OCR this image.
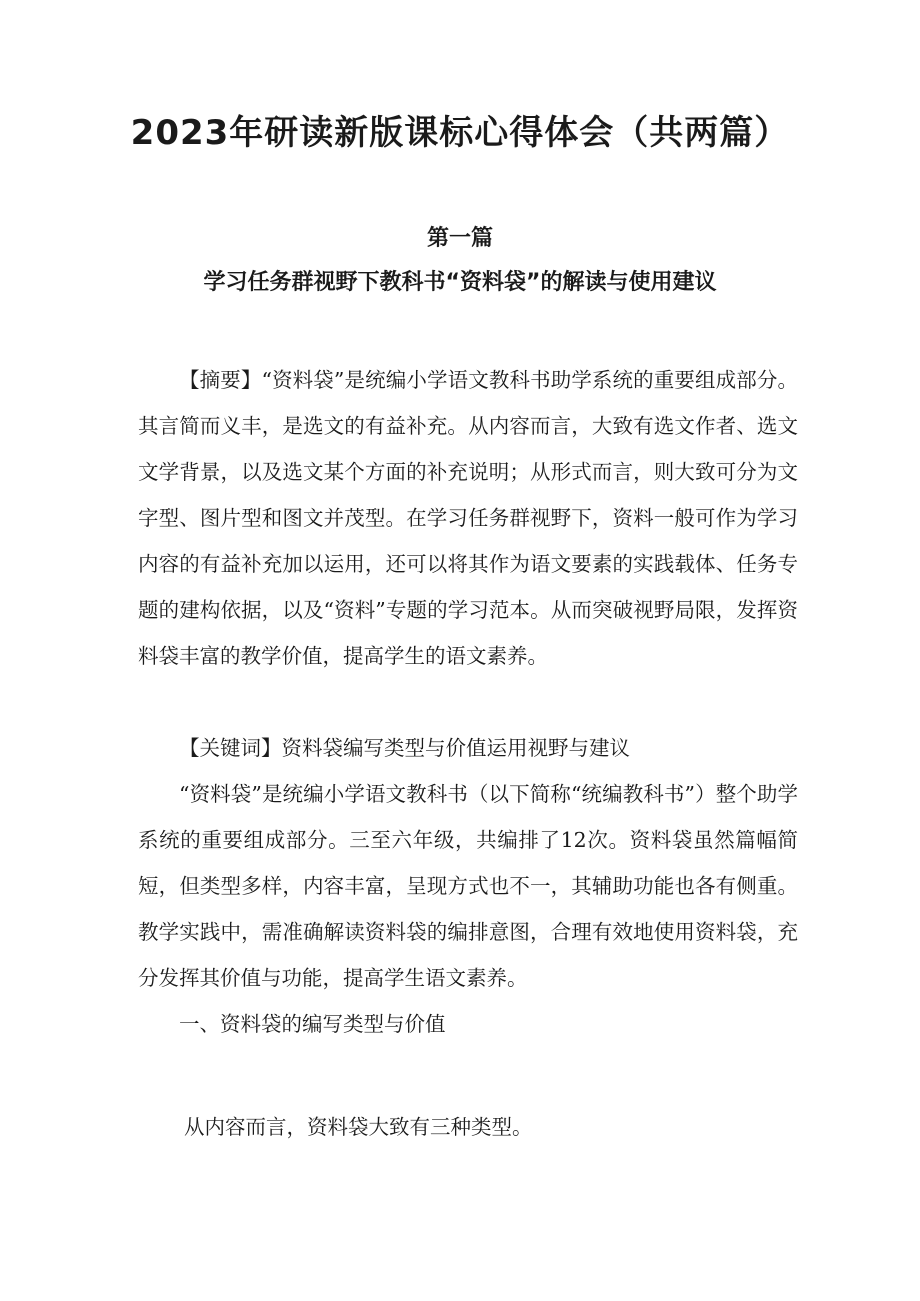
2023年研读新版课标心得体会（共两篇）
第一篇
学习任务群视野下教科书“资料袋”的解读与使用建议

【摘要】“资料袋”是统编小学语文教科书助学系统的重要组成部分。其言简而义丰，是选文的有益补充。从内容而言，大致有选文作者、选文文学背景，以及选文某个方面的补充说明；从形式而言，则大致可分为文字型、图片型和图文并茂型。在学习任务群视野下，资料一般可作为学习内容的有益补充加以运用，还可以将其作为语文要素的实践载体、任务专题的建构依据，以及“资料”专题的学习范本。从而突破视野局限，发挥资料袋丰富的教学价值，提高学生的语文素养。

【关键词】资料袋编写类型与价值运用视野与建议

“资料袋”是统编小学语文教科书（以下简称“统编教科书”）整个助学系统的重要组成部分。三至六年级，共编排了12次。资料袋虽然篇幅简短，但类型多样，内容丰富，呈现方式也不一，其辅助功能也各有侧重。教学实践中，需准确解读资料袋的编排意图，合理有效地使用资料袋，充分发挥其价值与功能，提高学生语文素养。

一、资料袋的编写类型与价值

从内容而言，资料袋大致有三种类型。
